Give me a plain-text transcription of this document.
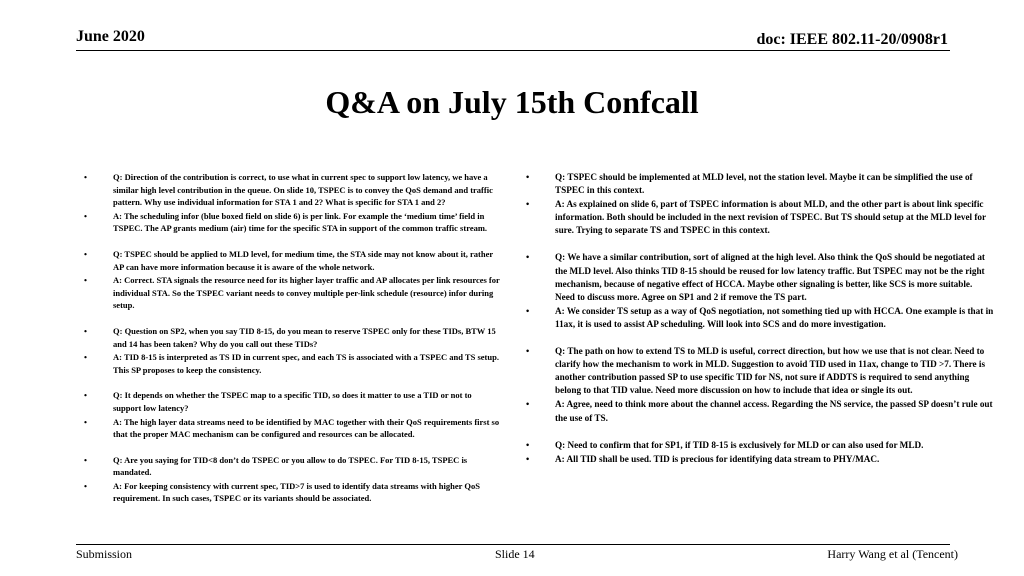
June 2020	doc: IEEE 802.11-20/0908r1
Q&A on July 15th Confcall
•	Q: Direction of the contribution is correct, to use what in current spec to support low latency, we have a similar high level contribution in the queue. On slide 10, TSPEC is to convey the QoS demand and traffic pattern. Why use individual information for STA 1 and 2? What is specific for STA 1 and 2?
•	A: The scheduling infor (blue boxed field on slide 6) is per link. For example the ‘medium time’ field in TSPEC. The AP grants medium (air) time for the specific STA in support of the common traffic stream.
•	Q: TSPEC should be applied to MLD level, for medium time, the STA side may not know about it, rather AP can have more information because it is aware of the whole network.
•	A: Correct. STA signals the resource need for its higher layer traffic and AP allocates per link resources for individual STA. So the TSPEC variant needs to convey multiple per-link schedule (resource) infor during setup.
•	Q: Question on SP2, when you say TID 8-15, do you mean to reserve TSPEC only for these TIDs, BTW 15 and 14 has been taken? Why do you call out these TIDs?
•	A: TID 8-15 is interpreted as TS ID in current spec, and each TS is associated with a TSPEC and TS setup. This SP proposes to keep the consistency.
•	Q: It depends on whether the TSPEC map to a specific TID, so does it matter to use a TID or not to support low latency?
•	A: The high layer data streams need to be identified by MAC together with their QoS requirements first so that the proper MAC mechanism can be configured and resources can be allocated.
•	Q: Are you saying for TID<8 don’t do TSPEC or you allow to do TSPEC. For TID 8-15, TSPEC is mandated.
•	A: For keeping consistency with current spec, TID>7 is used to identify data streams with higher QoS requirement. In such cases, TSPEC or its variants should be associated.
•	Q: TSPEC should be implemented at MLD level, not the station level. Maybe it can be simplified the use of TSPEC in this context.
•	A: As explained on slide 6, part of TSPEC information is about MLD, and the other part is about link specific information. Both should be included in the next revision of TSPEC. But TS should setup at the MLD level for sure. Trying to separate TS and TSPEC in this context.
•	Q: We have a similar contribution, sort of aligned at the high level. Also think the QoS should be negotiated at the MLD level. Also thinks TID 8-15 should be reused for low latency traffic. But TSPEC may not be the right mechanism, because of negative effect of HCCA. Maybe other signaling is better, like SCS is more suitable. Need to discuss more. Agree on SP1 and 2 if remove the TS part.
•	A: We consider TS setup as a way of QoS negotiation, not something tied up with HCCA. One example is that in 11ax, it is used to assist AP scheduling. Will look into SCS and do more investigation.
•	Q: The path on how to extend TS to MLD is useful, correct direction, but how we use that is not clear. Need to clarify how the mechanism to work in MLD. Suggestion to avoid TID used in 11ax, change to TID >7. There is another contribution passed SP to use specific TID for NS, not sure if ADDTS is required to send anything belong to that TID value. Need more discussion on how to include that idea or single its out.
•	A: Agree, need to think more about the channel access. Regarding the NS service, the passed SP doesn’t rule out the use of TS.
•	Q: Need to confirm that for SP1, if TID 8-15 is exclusively for MLD or can also used for MLD.
•	A: All TID shall be used. TID is precious for identifying data stream to PHY/MAC.
Submission	Slide 14	Harry Wang et al (Tencent)
